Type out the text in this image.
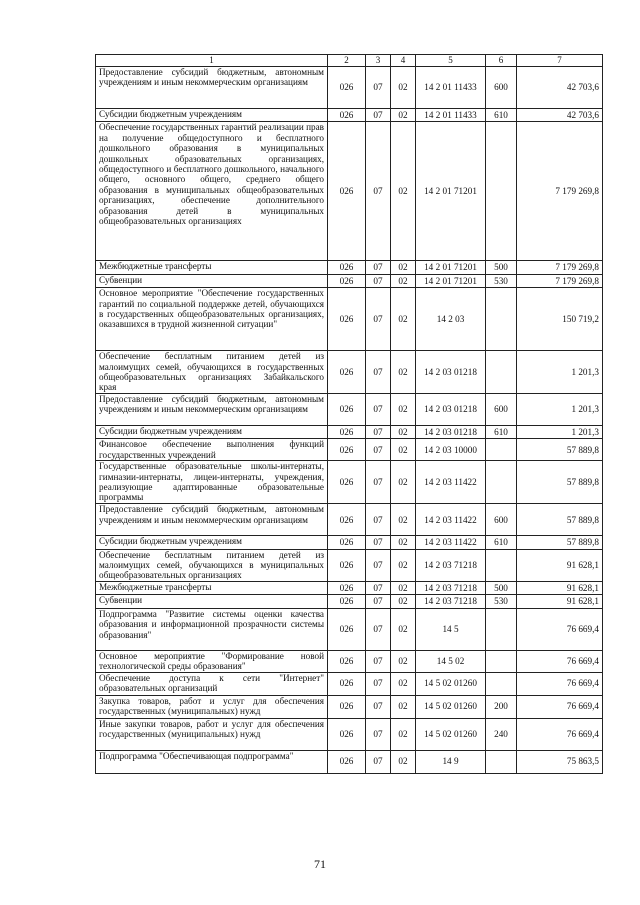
1	2	3	4	5	6	7
Предоставление субсидий бюджетным, автономным учреждениям и иным некоммерческим организациям	026	07	02	14 2 01 11433	600	42 703,6
Субсидии бюджетным учреждениям	026	07	02	14 2 01 11433	610	42 703,6
Обеспечение государственных гарантий реализации прав на получение общедоступного и бесплатного дошкольного образования в муниципальных дошкольных образовательных организациях, общедоступного и бесплатного дошкольного, начального общего, основного общего, среднего общего образования в муниципальных общеобразовательных организациях, обеспечение дополнительного образования детей в муниципальных общеобразовательных организациях	026	07	02	14 2 01 71201		7 179 269,8
Межбюджетные трансферты	026	07	02	14 2 01 71201	500	7 179 269,8
Субвенции	026	07	02	14 2 01 71201	530	7 179 269,8
Основное мероприятие "Обеспечение государственных гарантий по социальной поддержке детей, обучающихся в государственных общеобразовательных организациях, оказавшихся в трудной жизненной ситуации"	026	07	02	14 2 03		150 719,2
Обеспечение бесплатным питанием детей из малоимущих семей, обучающихся в государственных общеобразовательных организациях Забайкальского края	026	07	02	14 2 03 01218		1 201,3
Предоставление субсидий бюджетным, автономным учреждениям и иным некоммерческим организациям	026	07	02	14 2 03 01218	600	1 201,3
Субсидии бюджетным учреждениям	026	07	02	14 2 03 01218	610	1 201,3
Финансовое обеспечение выполнения функций государственных учреждений	026	07	02	14 2 03 10000		57 889,8
Государственные образовательные школы-интернаты, гимназии-интернаты, лицеи-интернаты, учреждения, реализующие адаптированные образовательные программы	026	07	02	14 2 03 11422		57 889,8
Предоставление субсидий бюджетным, автономным учреждениям и иным некоммерческим организациям	026	07	02	14 2 03 11422	600	57 889,8
Субсидии бюджетным учреждениям	026	07	02	14 2 03 11422	610	57 889,8
Обеспечение бесплатным питанием детей из малоимущих семей, обучающихся в муниципальных общеобразовательных организациях	026	07	02	14 2 03 71218		91 628,1
Межбюджетные трансферты	026	07	02	14 2 03 71218	500	91 628,1
Субвенции	026	07	02	14 2 03 71218	530	91 628,1
Подпрограмма "Развитие системы оценки качества образования и информационной прозрачности системы образования"	026	07	02	14 5		76 669,4
Основное мероприятие "Формирование новой технологической среды образования"	026	07	02	14 5 02		76 669,4
Обеспечение доступа к сети "Интернет" образовательных организаций	026	07	02	14 5 02 01260		76 669,4
Закупка товаров, работ и услуг для обеспечения государственных (муниципальных) нужд	026	07	02	14 5 02 01260	200	76 669,4
Иные закупки товаров, работ и услуг для обеспечения государственных (муниципальных) нужд	026	07	02	14 5 02 01260	240	76 669,4
Подпрограмма "Обеспечивающая подпрограмма"	026	07	02	14 9		75 863,5
71
